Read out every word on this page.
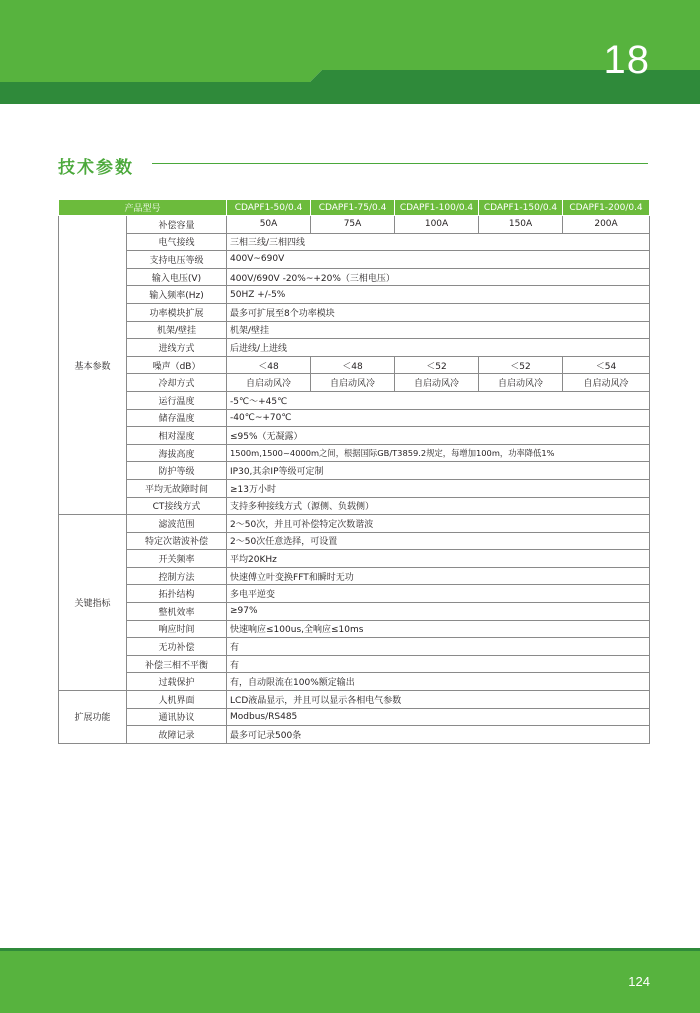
18
技术参数
产品型号		CDAPF1-50/0.4	CDAPF1-75/0.4	CDAPF1-100/0.4	CDAPF1-150/0.4	CDAPF1-200/0.4
基本参数	补偿容量	50A	75A	100A	150A	200A
	电气接线	三相三线/三相四线				
	支持电压等级	400V~690V				
	输入电压(V)	400V/690V -20%~+20%（三相电压）				
	输入频率(Hz)	50HZ +/-5%				
	功率模块扩展	最多可扩展至8个功率模块				
	机架/壁挂	机架/壁挂				
	进线方式	后进线/上进线				
	噪声（dB）	＜48	＜48	＜52	＜52	＜54
	冷却方式	自启动风冷	自启动风冷	自启动风冷	自启动风冷	自启动风冷
	运行温度	-5℃～+45℃				
	储存温度	-40℃~+70℃				
	相对湿度	≤95%（无凝露）				
	海拔高度	1500m,1500~4000m之间，根据国际GB/T3859.2规定，每增加100m，功率降低1%				
	防护等级	IP30,其余IP等级可定制				
	平均无故障时间	≥13万小时				
	CT接线方式	支持多种接线方式（源侧、负载侧）				
关键指标	滤波范围	2～50次，并且可补偿特定次数谐波				
	特定次谐波补偿	2～50次任意选择，可设置				
	开关频率	平均20KHz				
	控制方法	快速傅立叶变换FFT和瞬时无功				
	拓扑结构	多电平逆变				
	整机效率	≥97%				
	响应时间	快速响应≤100us,全响应≤10ms				
	无功补偿	有				
	补偿三相不平衡	有				
	过载保护	有，自动限流在100%额定输出				
扩展功能	人机界面	LCD液晶显示，并且可以显示各相电气参数				
	通讯协议	Modbus/RS485				
	故障记录	最多可记录500条				
124
